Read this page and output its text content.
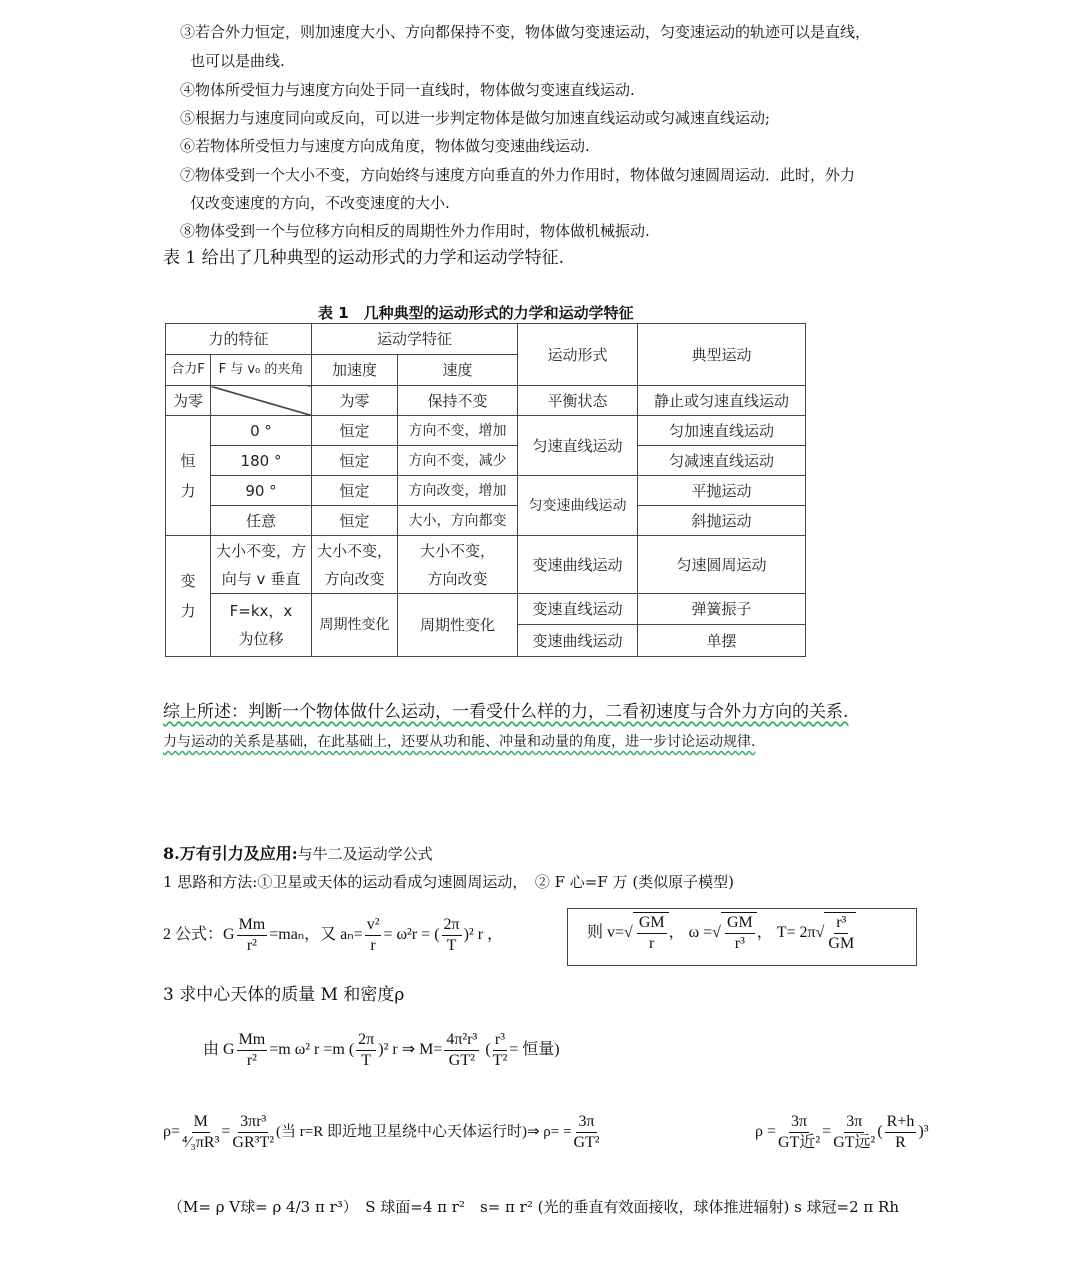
③若合外力恒定，则加速度大小、方向都保持不变，物体做匀变速运动，匀变速运动的轨迹可以是直线，
也可以是曲线.
④物体所受恒力与速度方向处于同一直线时，物体做匀变速直线运动.
⑤根据力与速度同向或反向，可以进一步判定物体是做匀加速直线运动或匀减速直线运动;
⑥若物体所受恒力与速度方向成角度，物体做匀变速曲线运动.
⑦物体受到一个大小不变，方向始终与速度方向垂直的外力作用时，物体做匀速圆周运动．此时，外力
仅改变速度的方向，不改变速度的大小.
⑧物体受到一个与位移方向相反的周期性外力作用时，物体做机械振动.
表 1 给出了几种典型的运动形式的力学和运动学特征.
表 1　几种典型的运动形式的力学和运动学特征
力的特征		运动学特征		运动形式	典型运动
合力F	F 与 v₀ 的夹角	加速度	速度		
为零		为零	保持不变	平衡状态	静止或匀速直线运动
恒
力	0 °	恒定	方向不变，增加	匀速直线运动	匀加速直线运动
	180 °	恒定	方向不变，减少		匀减速直线运动
	90 °	恒定	方向改变，增加	匀变速曲线运动	平抛运动
	任意	恒定	大小，方向都变		斜抛运动
变
力	大小不变，方向与 v 垂直	大小不变，方向改变	大小不变，方向改变	变速曲线运动	匀速圆周运动
	F=kx，x 为位移	周期性变化	周期性变化	变速直线运动	弹簧振子
				变速曲线运动	单摆
综上所述：判断一个物体做什么运动，一看受什么样的力，二看初速度与合外力方向的关系.
力与运动的关系是基础，在此基础上，还要从功和能、冲量和动量的角度，进一步讨论运动规律.
8.万有引力及应用:与牛二及运动学公式
1 思路和方法:①卫星或天体的运动看成匀速圆周运动，　② F 心=F 万 (类似原子模型)
2 公式：G $\frac{Mm}{\text{r²}} =ma_n$，又 $a_n= \frac{\text{v²}}{r} = \omega^2r$ = ( $\frac{2\pi}{T} )^2$ r ，	则 $v=√ \frac{GM}{r}$ ， ω =√ $\frac{GM}{\text{r³}}$ ， $T= 2\pi√ \frac{\text{r³}}{GM}$
3 求中心天体的质量 M 和密度ρ
由 G $\frac{Mm}{\text{r²}} =m$ ω² r =m ( $\frac{2\pi}{T} )^2$ r ⇒ $M= \frac{\text{4π²r³}}{\text{GT²}}$ ( $\frac{\text{r³}}{\text{T²}}$ = 恒量)
$\rho= \frac{M}{\text{⁴⁄₃πR³}} = \frac{\text{3πr³}}{\text{GR³T²}}$ (当 r=R 即近地卫星绕中心天体运行时)⇒ $\rho= = \frac{3\pi}{\text{GT²}}$	$\rho = \frac{3\pi}{\text{GT近²}} = \frac{3\pi}{\text{GT远²}}$ ( $\frac{R+h}{R} )^3$
（M= ρ V球= ρ 4/3 π r³）　S 球面=4 π r²　s= π r² (光的垂直有效面接收，球体推进辐射) s 球冠=2 π Rh
